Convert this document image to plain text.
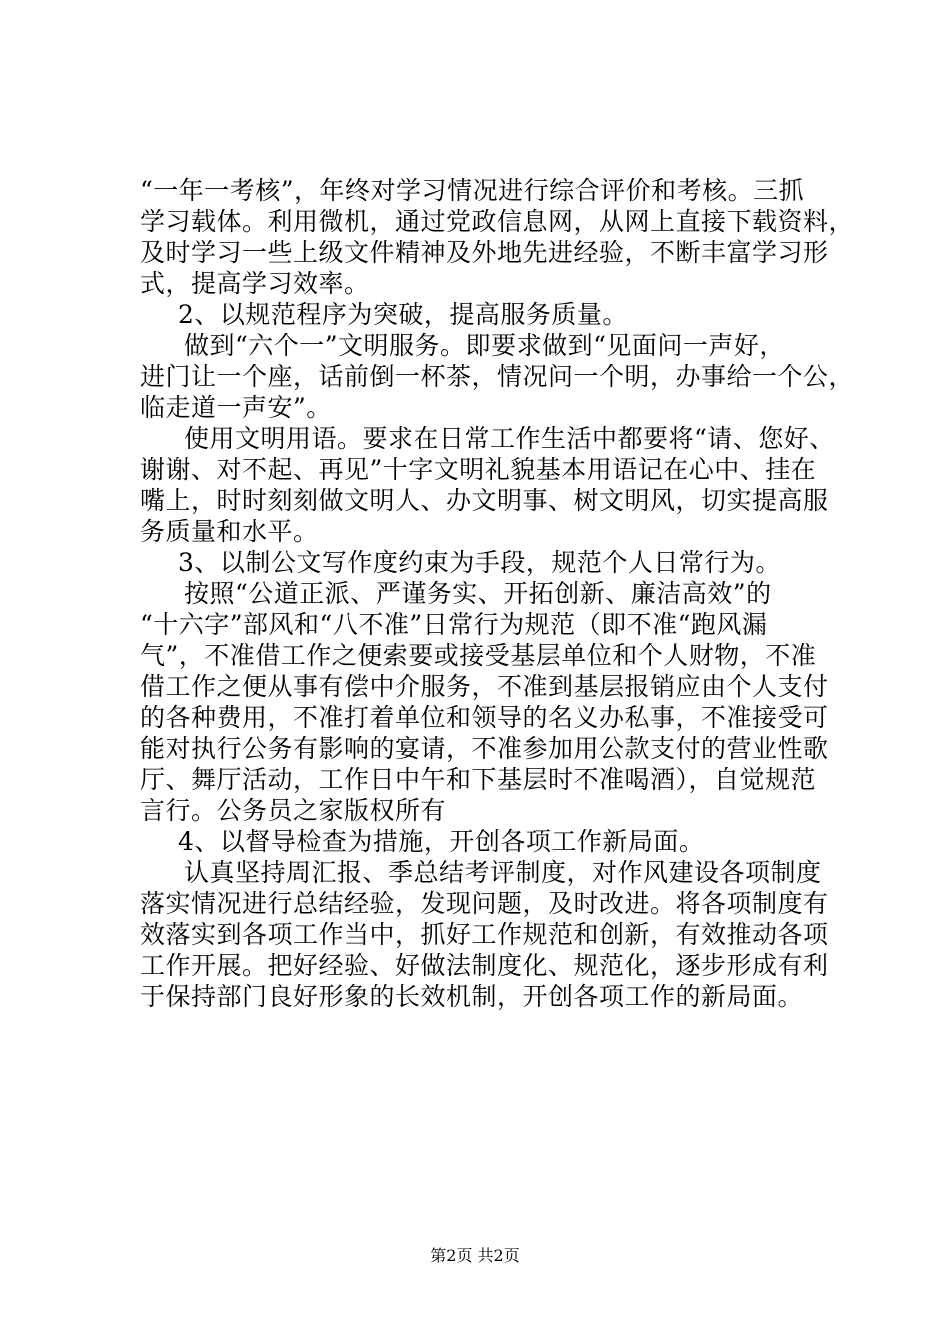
“一年一考核”，年终对学习情况进行综合评价和考核。三抓
学习载体。利用微机，通过党政信息网，从网上直接下载资料，
及时学习一些上级文件精神及外地先进经验，不断丰富学习形
式，提高学习效率。
2、以规范程序为突破，提高服务质量。
做到“六个一”文明服务。即要求做到“见面问一声好，
进门让一个座，话前倒一杯茶，情况问一个明，办事给一个公，
临走道一声安”。
使用文明用语。要求在日常工作生活中都要将“请、您好、
谢谢、对不起、再见”十字文明礼貌基本用语记在心中、挂在
嘴上，时时刻刻做文明人、办文明事、树文明风，切实提高服
务质量和水平。
3、以制公文写作度约束为手段，规范个人日常行为。
按照“公道正派、严谨务实、开拓创新、廉洁高效”的
“十六字”部风和“八不准”日常行为规范（即不准“跑风漏
气”，不准借工作之便索要或接受基层单位和个人财物，不准
借工作之便从事有偿中介服务，不准到基层报销应由个人支付
的各种费用，不准打着单位和领导的名义办私事，不准接受可
能对执行公务有影响的宴请，不准参加用公款支付的营业性歌
厅、舞厅活动，工作日中午和下基层时不准喝酒），自觉规范
言行。公务员之家版权所有
4、以督导检查为措施，开创各项工作新局面。
认真坚持周汇报、季总结考评制度，对作风建设各项制度
落实情况进行总结经验，发现问题，及时改进。将各项制度有
效落实到各项工作当中，抓好工作规范和创新，有效推动各项
工作开展。把好经验、好做法制度化、规范化，逐步形成有利
于保持部门良好形象的长效机制，开创各项工作的新局面。
第2页 共2页
